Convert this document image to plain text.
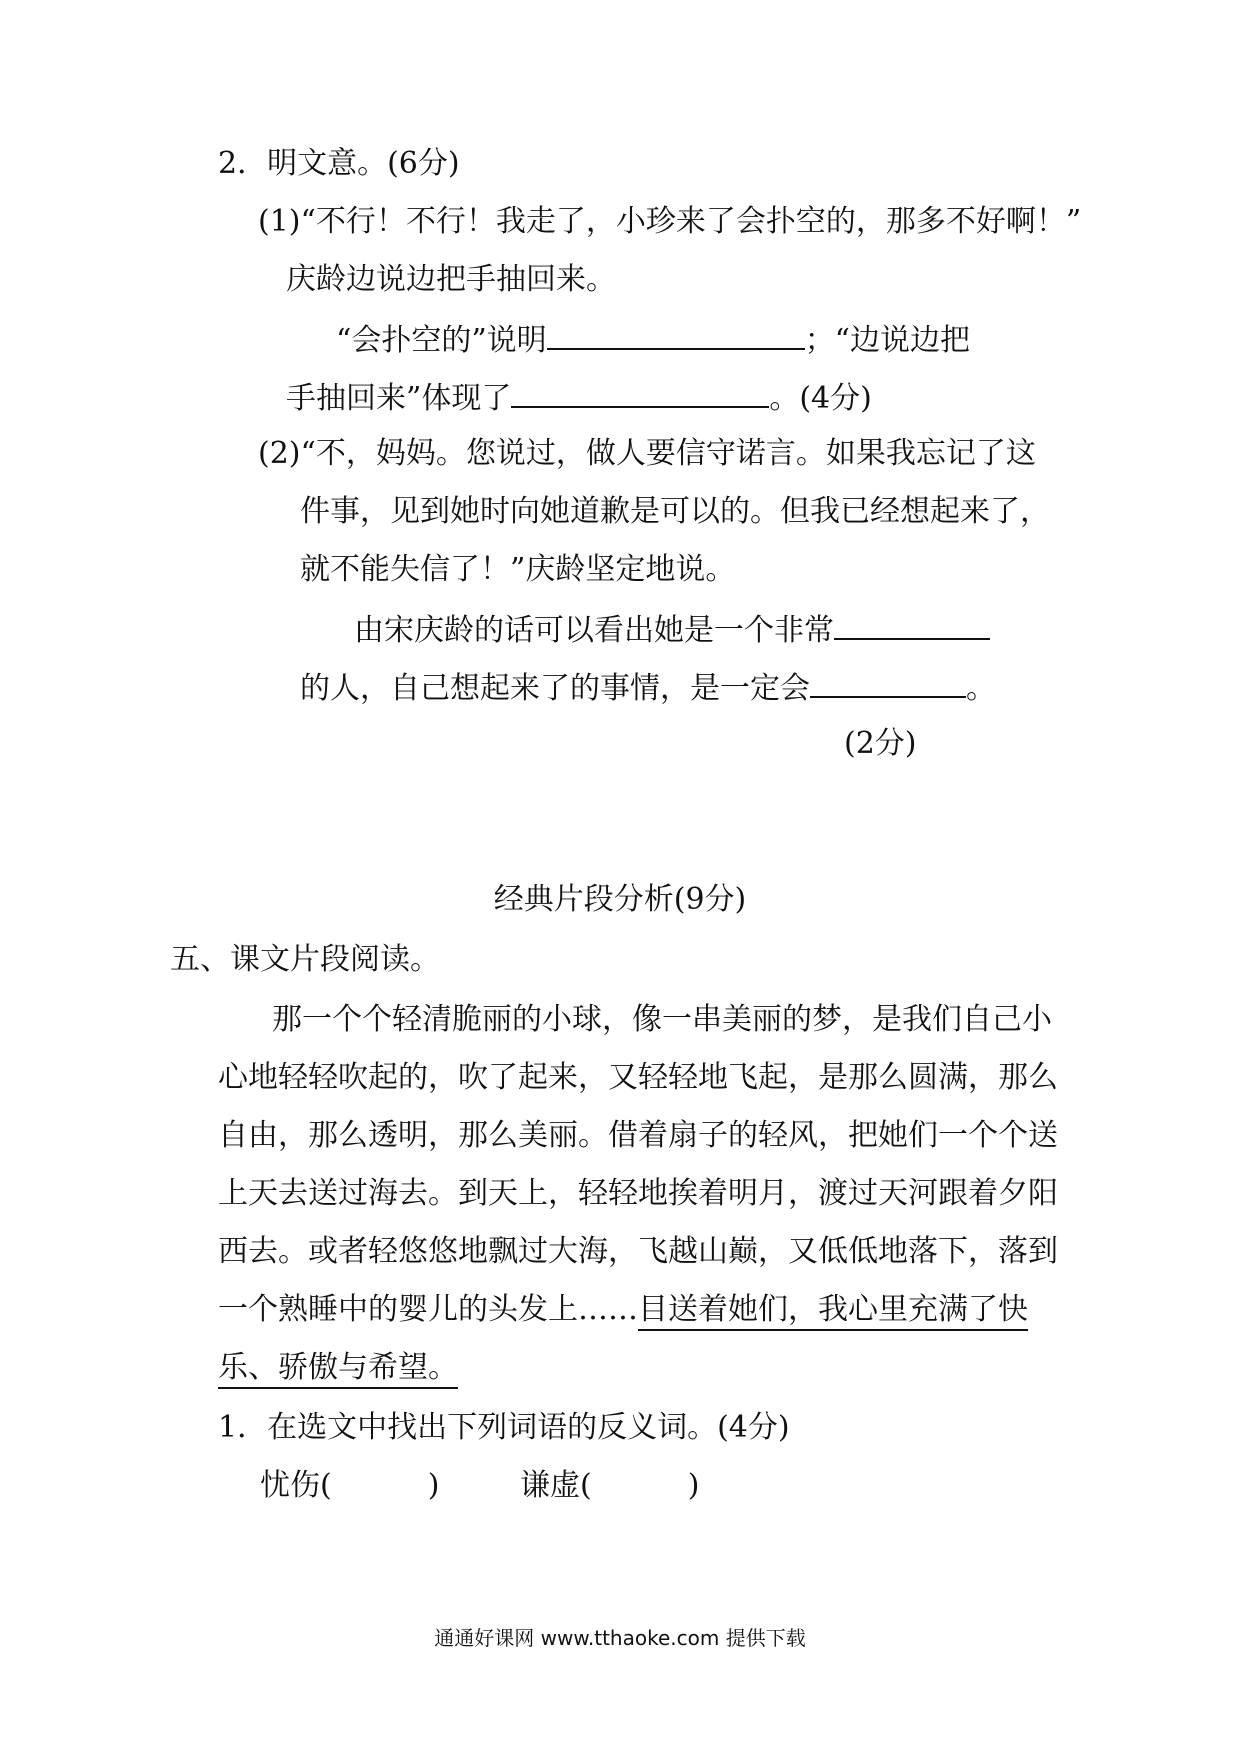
2．明文意。(6分)
(1)“不行！不行！我走了，小珍来了会扑空的，那多不好啊！”
庆龄边说边把手抽回来。
“会扑空的”说明	；“边说边把
手抽回来”体现了	。(4分)
(2)“不，妈妈。您说过，做人要信守诺言。如果我忘记了这
件事，见到她时向她道歉是可以的。但我已经想起来了，
就不能失信了！”庆龄坚定地说。
由宋庆龄的话可以看出她是一个非常
的人，自己想起来了的事情，是一定会	。
(2分)
经典片段分析(9分)
五、课文片段阅读。
那一个个轻清脆丽的小球，像一串美丽的梦，是我们自己小
心地轻轻吹起的，吹了起来，又轻轻地飞起，是那么圆满，那么
自由，那么透明，那么美丽。借着扇子的轻风，把她们一个个送
上天去送过海去。到天上，轻轻地挨着明月，渡过天河跟着夕阳
西去。或者轻悠悠地飘过大海，飞越山巅，又低低地落下，落到
一个熟睡中的婴儿的头发上……目送着她们，我心里充满了快
乐、骄傲与希望。
1．在选文中找出下列词语的反义词。(4分)
忧伤(	)	谦虚(	)
通通好课网 www.tthaoke.com 提供下载
